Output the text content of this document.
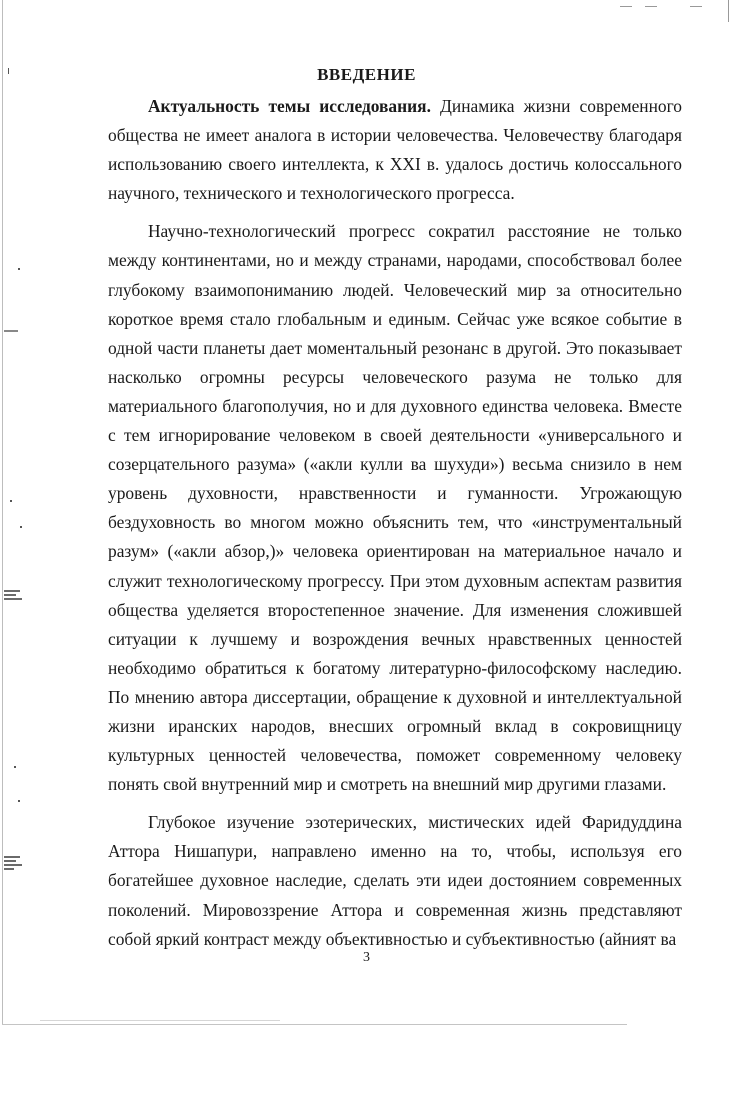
ВВЕДЕНИЕ

Актуальность темы исследования. Динамика жизни современного общества не имеет аналога в истории человечества. Человечеству благодаря использованию своего интеллекта, к XXI в. удалось достичь колоссального научного, технического и технологического прогресса.

Научно-технологический прогресс сократил расстояние не только между континентами, но и между странами, народами, способствовал более глубокому взаимопониманию людей. Человеческий мир за относительно короткое время стало глобальным и единым. Сейчас уже всякое событие в одной части планеты дает моментальный резонанс в другой. Это показывает насколько огромны ресурсы человеческого разума не только для материального благополучия, но и для духовного единства человека. Вместе с тем игнорирование человеком в своей деятельности «универсального и созерцательного разума» («акли кулли ва шухуди») весьма снизило в нем уровень духовности, нравственности и гуманности. Угрожающую бездуховность во многом можно объяснить тем, что «инструментальный разум» («акли абзор,)» человека ориентирован на материальное начало и служит технологическому прогрессу. При этом духовным аспектам развития общества уделяется второстепенное значение. Для изменения сложившей ситуации к лучшему и возрождения вечных нравственных ценностей необходимо обратиться к богатому литературно-философскому наследию. По мнению автора диссертации, обращение к духовной и интеллектуальной жизни иранских народов, внесших огромный вклад в сокровищницу культурных ценностей человечества, поможет современному человеку понять свой внутренний мир и смотреть на внешний мир другими глазами.

Глубокое изучение эзотерических, мистических идей Фаридуддина Аттора Нишапури, направлено именно на то, чтобы, используя его богатейшее духовное наследие, сделать эти идеи достоянием современных поколений. Мировоззрение Аттора и современная жизнь представляют собой яркий контраст между объективностью и субъективностью (айният ва

3
